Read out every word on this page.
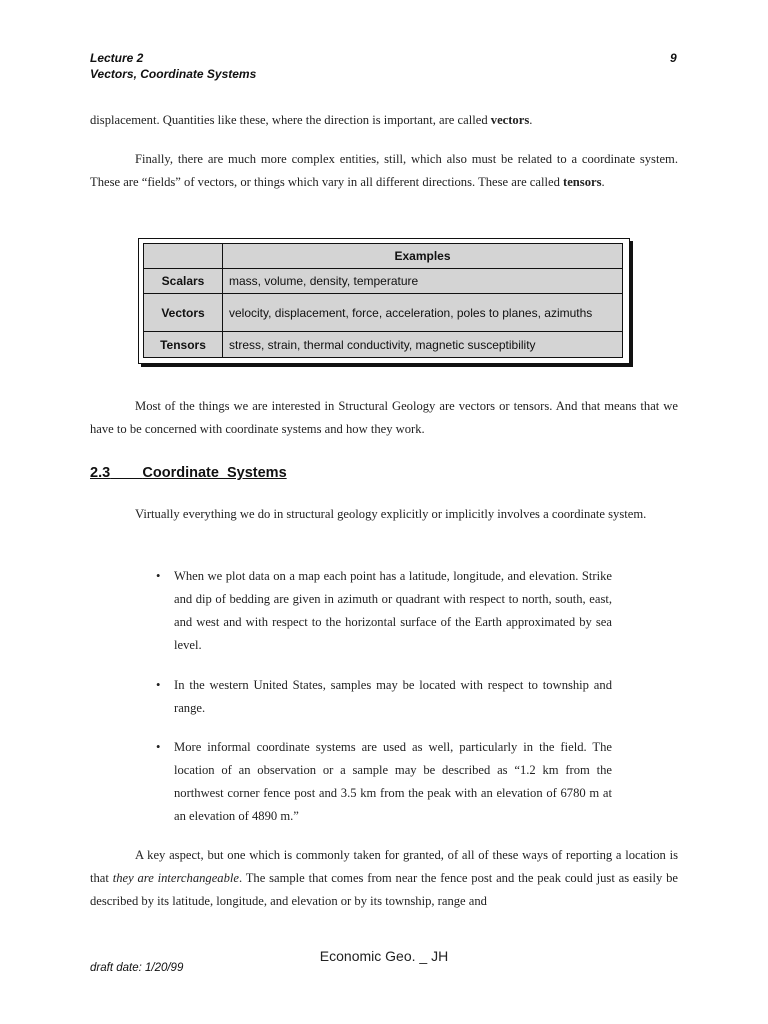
Lecture 2
Vectors, Coordinate Systems
9

displacement. Quantities like these, where the direction is important, are called vectors.

Finally, there are much more complex entities, still, which also must be related to a coordinate system. These are “fields” of vectors, or things which vary in all different directions. These are called tensors.

	Examples
Scalars	mass, volume, density, temperature
Vectors	velocity, displacement, force, acceleration, poles to planes, azimuths
Tensors	stress, strain, thermal conductivity, magnetic susceptibility

Most of the things we are interested in Structural Geology are vectors or tensors. And that means that we have to be concerned with coordinate systems and how they work.

2.3 Coordinate  Systems

Virtually everything we do in structural geology explicitly or implicitly involves a coordinate system.

• When we plot data on a map each point has a latitude, longitude, and elevation. Strike and dip of bedding are given in azimuth or quadrant with respect to north, south, east, and west and with respect to the horizontal surface of the Earth approximated by sea level.
• In the western United States, samples may be located with respect to township and range.
• More informal coordinate systems are used as well, particularly in the field. The location of an observation or a sample may be described as “1.2 km from the northwest corner fence post and 3.5 km from the peak with an elevation of 6780 m at an elevation of 4890 m.”

A key aspect, but one which is commonly taken for granted, of all of these ways of reporting a location is that they are interchangeable. The sample that comes from near the fence post and the peak could just as easily be described by its latitude, longitude, and elevation or by its township, range and

Economic Geo. _ JH
draft date: 1/20/99
